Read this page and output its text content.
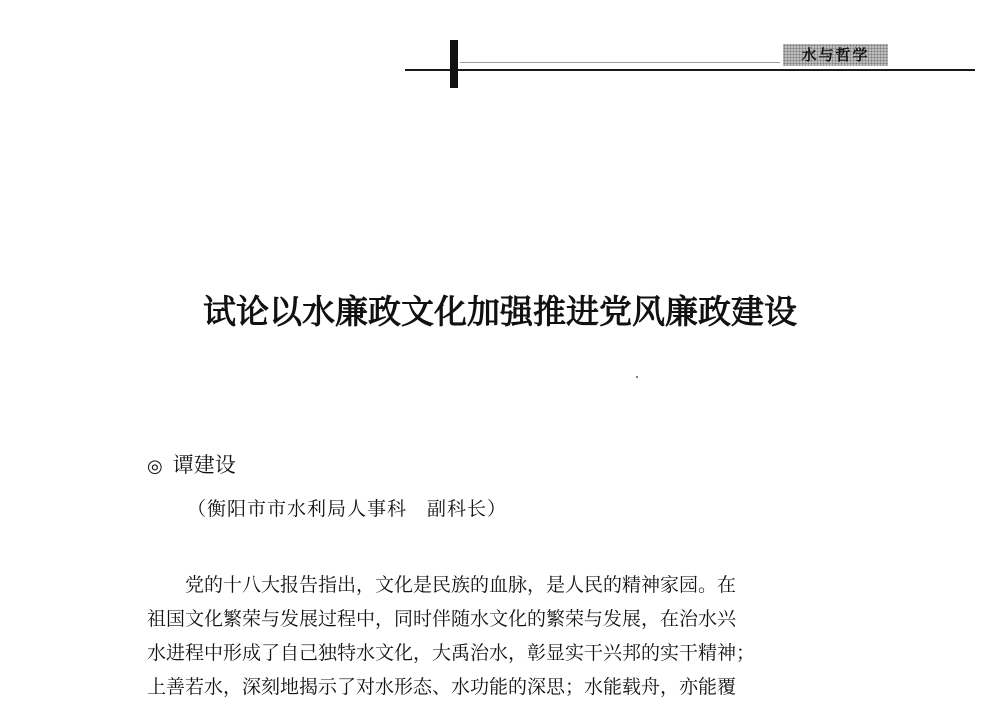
水与哲学
试论以水廉政文化加强推进党风廉政建设
◎ 谭建设
（衡阳市市水利局人事科　副科长）
党的十八大报告指出，文化是民族的血脉，是人民的精神家园。在
祖国文化繁荣与发展过程中，同时伴随水文化的繁荣与发展，在治水兴
水进程中形成了自己独特水文化，大禹治水，彰显实干兴邦的实干精神；
上善若水，深刻地揭示了对水形态、水功能的深思；水能载舟，亦能覆
